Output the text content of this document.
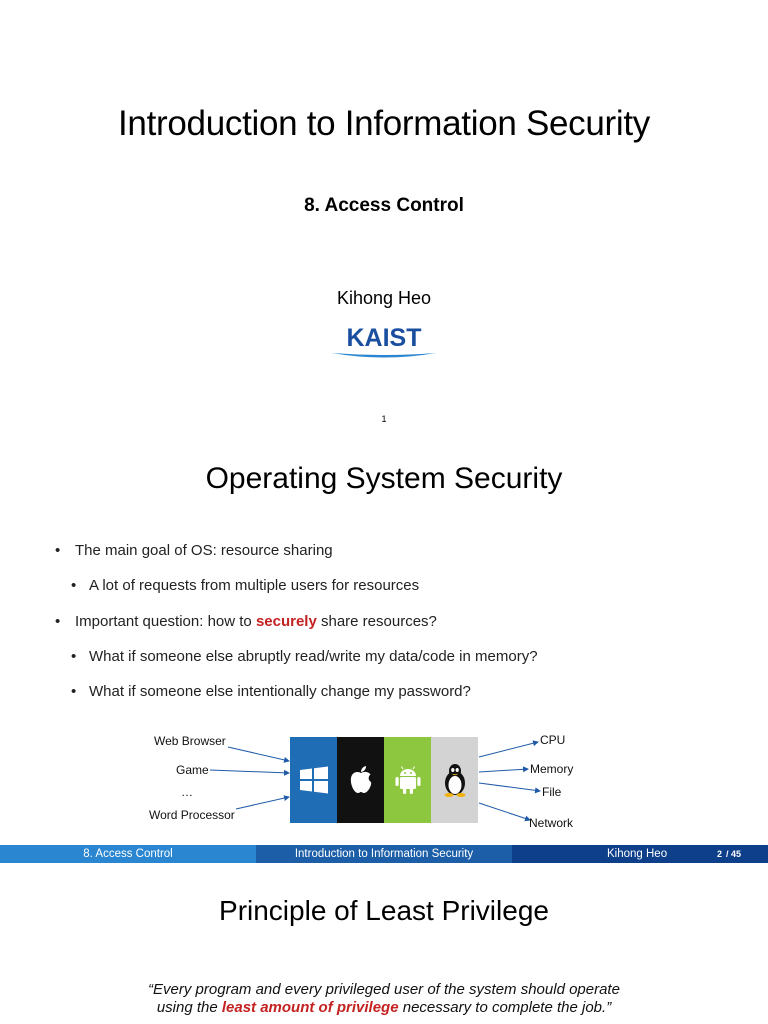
Introduction to Information Security
8. Access Control
Kihong Heo
KAIST
1
Operating System Security
• The main goal of OS: resource sharing
• A lot of requests from multiple users for resources
• Important question: how to securely share resources?
• What if someone else abruptly read/write my data/code in memory?
• What if someone else intentionally change my password?
Web Browser
Game
…
Word Processor
CPU
Memory
File
Network
8. Access Control	Introduction to Information Security	Kihong Heo	2 / 45
Principle of Least Privilege
“Every program and every privileged user of the system should operate
using the least amount of privilege necessary to complete the job.”
